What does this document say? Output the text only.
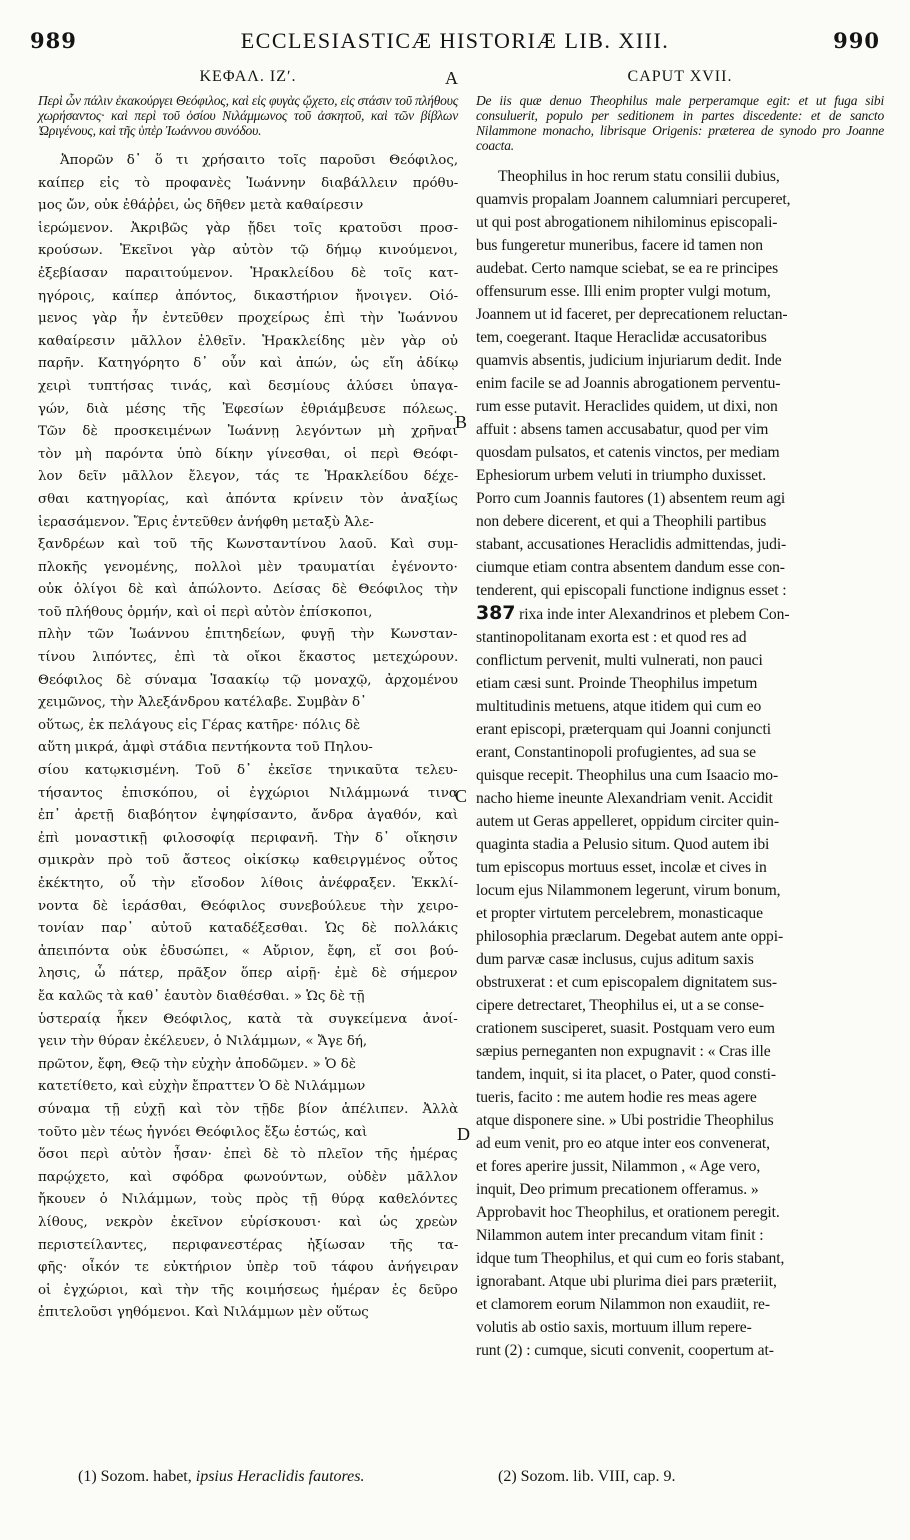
989	ECCLESIASTICÆ HISTORIÆ LIB. XIII.	990
ΚΕΦΑΛ. ΙΖʹ.
Περὶ ὧν πάλιν ἐκακούργει Θεόφιλος, καὶ εἰς φυγὰς ᾤχετο, εἰς στάσιν τοῦ πλήθους χωρήσαντος· καὶ περὶ τοῦ ὁσίου Νιλάμμωνος τοῦ ἀσκητοῦ, καὶ τῶν βίβλων Ὠριγένους, καὶ τῆς ὑπὲρ Ἰωάννου συνόδου.
Ἀπορῶν δ᾽ ὅ τι χρήσαιτο τοῖς παροῦσι Θεόφιλος,
καίπερ εἰς τὸ προφανὲς Ἰωάννην διαβάλλειν πρόθυ-
μος ὤν, οὐκ ἐθάῤῥει, ὡς δῆθεν μετὰ καθαίρεσιν
ἱερώμενον. Ἀκριβῶς γὰρ ᾔδει τοῖς κρατοῦσι προσ-
κρούσων. Ἐκεῖνοι γὰρ αὐτὸν τῷ δήμῳ κινούμενοι,
ἐξεβίασαν παραιτούμενον. Ἡρακλείδου δὲ τοῖς κατ-
ηγόροις, καίπερ ἀπόντος, δικαστήριον ἤνοιγεν. Οἰό-
μενος γὰρ ἦν ἐντεῦθεν προχείρως ἐπὶ τὴν Ἰωάννου
καθαίρεσιν μᾶλλον ἐλθεῖν. Ἡρακλείδης μὲν γὰρ οὐ
παρῆν. Κατηγόρητο δ᾽ οὖν καὶ ἀπών, ὡς εἴη ἀδίκῳ
χειρὶ τυπτήσας τινάς, καὶ δεσμίους ἁλύσει ὑπαγα-
γών, διὰ μέσης τῆς Ἐφεσίων ἐθριάμβευσε πόλεως.
Τῶν δὲ προσκειμένων Ἰωάννῃ λεγόντων μὴ χρῆναι
τὸν μὴ παρόντα ὑπὸ δίκην γίνεσθαι, οἱ περὶ Θεόφι-
λον δεῖν μᾶλλον ἔλεγον, τάς τε Ἡρακλείδου δέχε-
σθαι κατηγορίας, καὶ ἀπόντα κρίνειν τὸν ἀναξίως
ἱερασάμενον. Ἔρις ἐντεῦθεν ἀνήφθη μεταξὺ Ἀλε-
ξανδρέων καὶ τοῦ τῆς Κωνσταντίνου λαοῦ. Καὶ συμ-
πλοκῆς γενομένης, πολλοὶ μὲν τραυματίαι ἐγένοντο·
οὐκ ὀλίγοι δὲ καὶ ἀπώλοντο. Δείσας δὲ Θεόφιλος τὴν
τοῦ πλήθους ὁρμήν, καὶ οἱ περὶ αὐτὸν ἐπίσκοποι,
πλὴν τῶν Ἰωάννου ἐπιτηδείων, φυγῇ τὴν Κωνσταν-
τίνου λιπόντες, ἐπὶ τὰ οἴκοι ἕκαστος μετεχώρουν.
Θεόφιλος δὲ σύναμα Ἰσαακίῳ τῷ μοναχῷ, ἀρχομένου
χειμῶνος, τὴν Ἀλεξάνδρου κατέλαβε. Συμβὰν δ᾽
οὕτως, ἐκ πελάγους εἰς Γέρας κατῆρε· πόλις δὲ
αὕτη μικρά, ἀμφὶ στάδια πεντήκοντα τοῦ Πηλου-
σίου κατῳκισμένη. Τοῦ δ᾽ ἐκεῖσε τηνικαῦτα τελευ-
τήσαντος ἐπισκόπου, οἱ ἐγχώριοι Νιλάμμωνά τινα
ἐπ᾽ ἀρετῇ διαβόητον ἐψηφίσαντο, ἄνδρα ἀγαθόν, καὶ
ἐπὶ μοναστικῇ φιλοσοφίᾳ περιφανῆ. Τὴν δ᾽ οἴκησιν
σμικρὰν πρὸ τοῦ ἄστεος οἰκίσκῳ καθειργμένος οὗτος
ἐκέκτητο, οὗ τὴν εἴσοδον λίθοις ἀνέφραξεν. Ἐκκλί-
νοντα δὲ ἱεράσθαι, Θεόφιλος συνεβούλευε τὴν χειρο-
τονίαν παρ᾽ αὐτοῦ καταδέξεσθαι. Ὡς δὲ πολλάκις
ἀπειπόντα οὐκ ἐδυσώπει, « Αὔριον, ἔφη, εἴ σοι βού-
λησις, ὦ πάτερ, πρᾶξον ὅπερ αἱρῇ· ἐμὲ δὲ σήμερον
ἔα καλῶς τὰ καθ᾽ ἑαυτὸν διαθέσθαι. » Ὡς δὲ τῇ
ὑστεραίᾳ ἧκεν Θεόφιλος, κατὰ τὰ συγκείμενα ἀνοί-
γειν τὴν θύραν ἐκέλευεν, ὁ Νιλάμμων, « Ἄγε δή,
πρῶτον, ἔφη, Θεῷ τὴν εὐχὴν ἀποδῶμεν. » Ὁ δὲ
κατετίθετο, καὶ εὐχὴν ἔπραττεν Ὁ δὲ Νιλάμμων
σύναμα τῇ εὐχῇ καὶ τὸν τῇδε βίον ἀπέλιπεν. Ἀλλὰ
τοῦτο μὲν τέως ἠγνόει Θεόφιλος ἔξω ἑστώς, καὶ
ὅσοι περὶ αὐτὸν ἦσαν· ἐπεὶ δὲ τὸ πλεῖον τῆς ἡμέρας
παρῴχετο, καὶ σφόδρα φωνούντων, οὐδὲν μᾶλλον
ἤκουεν ὁ Νιλάμμων, τοὺς πρὸς τῇ θύρᾳ καθελόντες
λίθους, νεκρὸν ἐκεῖνον εὑρίσκουσι· καὶ ὡς χρεὼν
περιστείλαντες, περιφανεστέρας ἠξίωσαν τῆς τα-
φῆς· οἶκόν τε εὐκτήριον ὑπὲρ τοῦ τάφου ἀνήγειραν
οἱ ἐγχώριοι, καὶ τὴν τῆς κοιμήσεως ἡμέραν ἐς δεῦρο
ἐπιτελοῦσι γηθόμενοι. Καὶ Νιλάμμων μὲν οὕτως
CAPUT XVII.
De iis quæ denuo Theophilus male perperamque egit: et ut fuga sibi consuluerit, populo per seditionem in partes discedente: et de sancto Nilammone monacho, librisque Origenis: præterea de synodo pro Joanne coacta.
Theophilus in hoc rerum statu consilii dubius,
quamvis propalam Joannem calumniari percuperet,
ut qui post abrogationem nihilominus episcopali-
bus fungeretur muneribus, facere id tamen non
audebat. Certo namque sciebat, se ea re principes
offensurum esse. Illi enim propter vulgi motum,
Joannem ut id faceret, per deprecationem reluctan-
tem, coegerant. Itaque Heraclidæ accusatoribus
quamvis absentis, judicium injuriarum dedit. Inde
enim facile se ad Joannis abrogationem perventu-
rum esse putavit. Heraclides quidem, ut dixi, non
affuit : absens tamen accusabatur, quod per vim
quosdam pulsatos, et catenis vinctos, per mediam
Ephesiorum urbem veluti in triumpho duxisset.
Porro cum Joannis fautores (1) absentem reum agi
non debere dicerent, et qui a Theophili partibus
stabant, accusationes Heraclidis admittendas, judi-
ciumque etiam contra absentem dandum esse con-
tenderent, qui episcopali functione indignus esset :
387 rixa inde inter Alexandrinos et plebem Con-
stantinopolitanam exorta est : et quod res ad
conflictum pervenit, multi vulnerati, non pauci
etiam cæsi sunt. Proinde Theophilus impetum
multitudinis metuens, atque itidem qui cum eo
erant episcopi, præterquam qui Joanni conjuncti
erant, Constantinopoli profugientes, ad sua se
quisque recepit. Theophilus una cum Isaacio mo-
nacho hieme ineunte Alexandriam venit. Accidit
autem ut Geras appelleret, oppidum circiter quin-
quaginta stadia a Pelusio situm. Quod autem ibi
tum episcopus mortuus esset, incolæ et cives in
locum ejus Nilammonem legerunt, virum bonum,
et propter virtutem percelebrem, monasticaque
philosophia præclarum. Degebat autem ante oppi-
dum parvæ casæ inclusus, cujus aditum saxis
obstruxerat : et cum episcopalem dignitatem sus-
cipere detrectaret, Theophilus ei, ut a se conse-
crationem susciperet, suasit. Postquam vero eum
sæpius perneganten non expugnavit : « Cras ille
tandem, inquit, si ita placet, o Pater, quod consti-
tueris, facito : me autem hodie res meas agere
atque disponere sine. » Ubi postridie Theophilus
ad eum venit, pro eo atque inter eos convenerat,
et fores aperire jussit, Nilammon , « Age vero,
inquit, Deo primum precationem offeramus. »
Approbavit hoc Theophilus, et orationem peregit.
Nilammon autem inter precandum vitam finit :
idque tum Theophilus, et qui cum eo foris stabant,
ignorabant. Atque ubi plurima diei pars præteriit,
et clamorem eorum Nilammon non exaudiit, re-
volutis ab ostio saxis, mortuum illum repere-
runt (2) : cumque, sicuti convenit, coopertum at-
A
B
C
D
(1) Sozom. habet, ipsius Heraclidis fautores.	(2) Sozom. lib. VIII, cap. 9.
